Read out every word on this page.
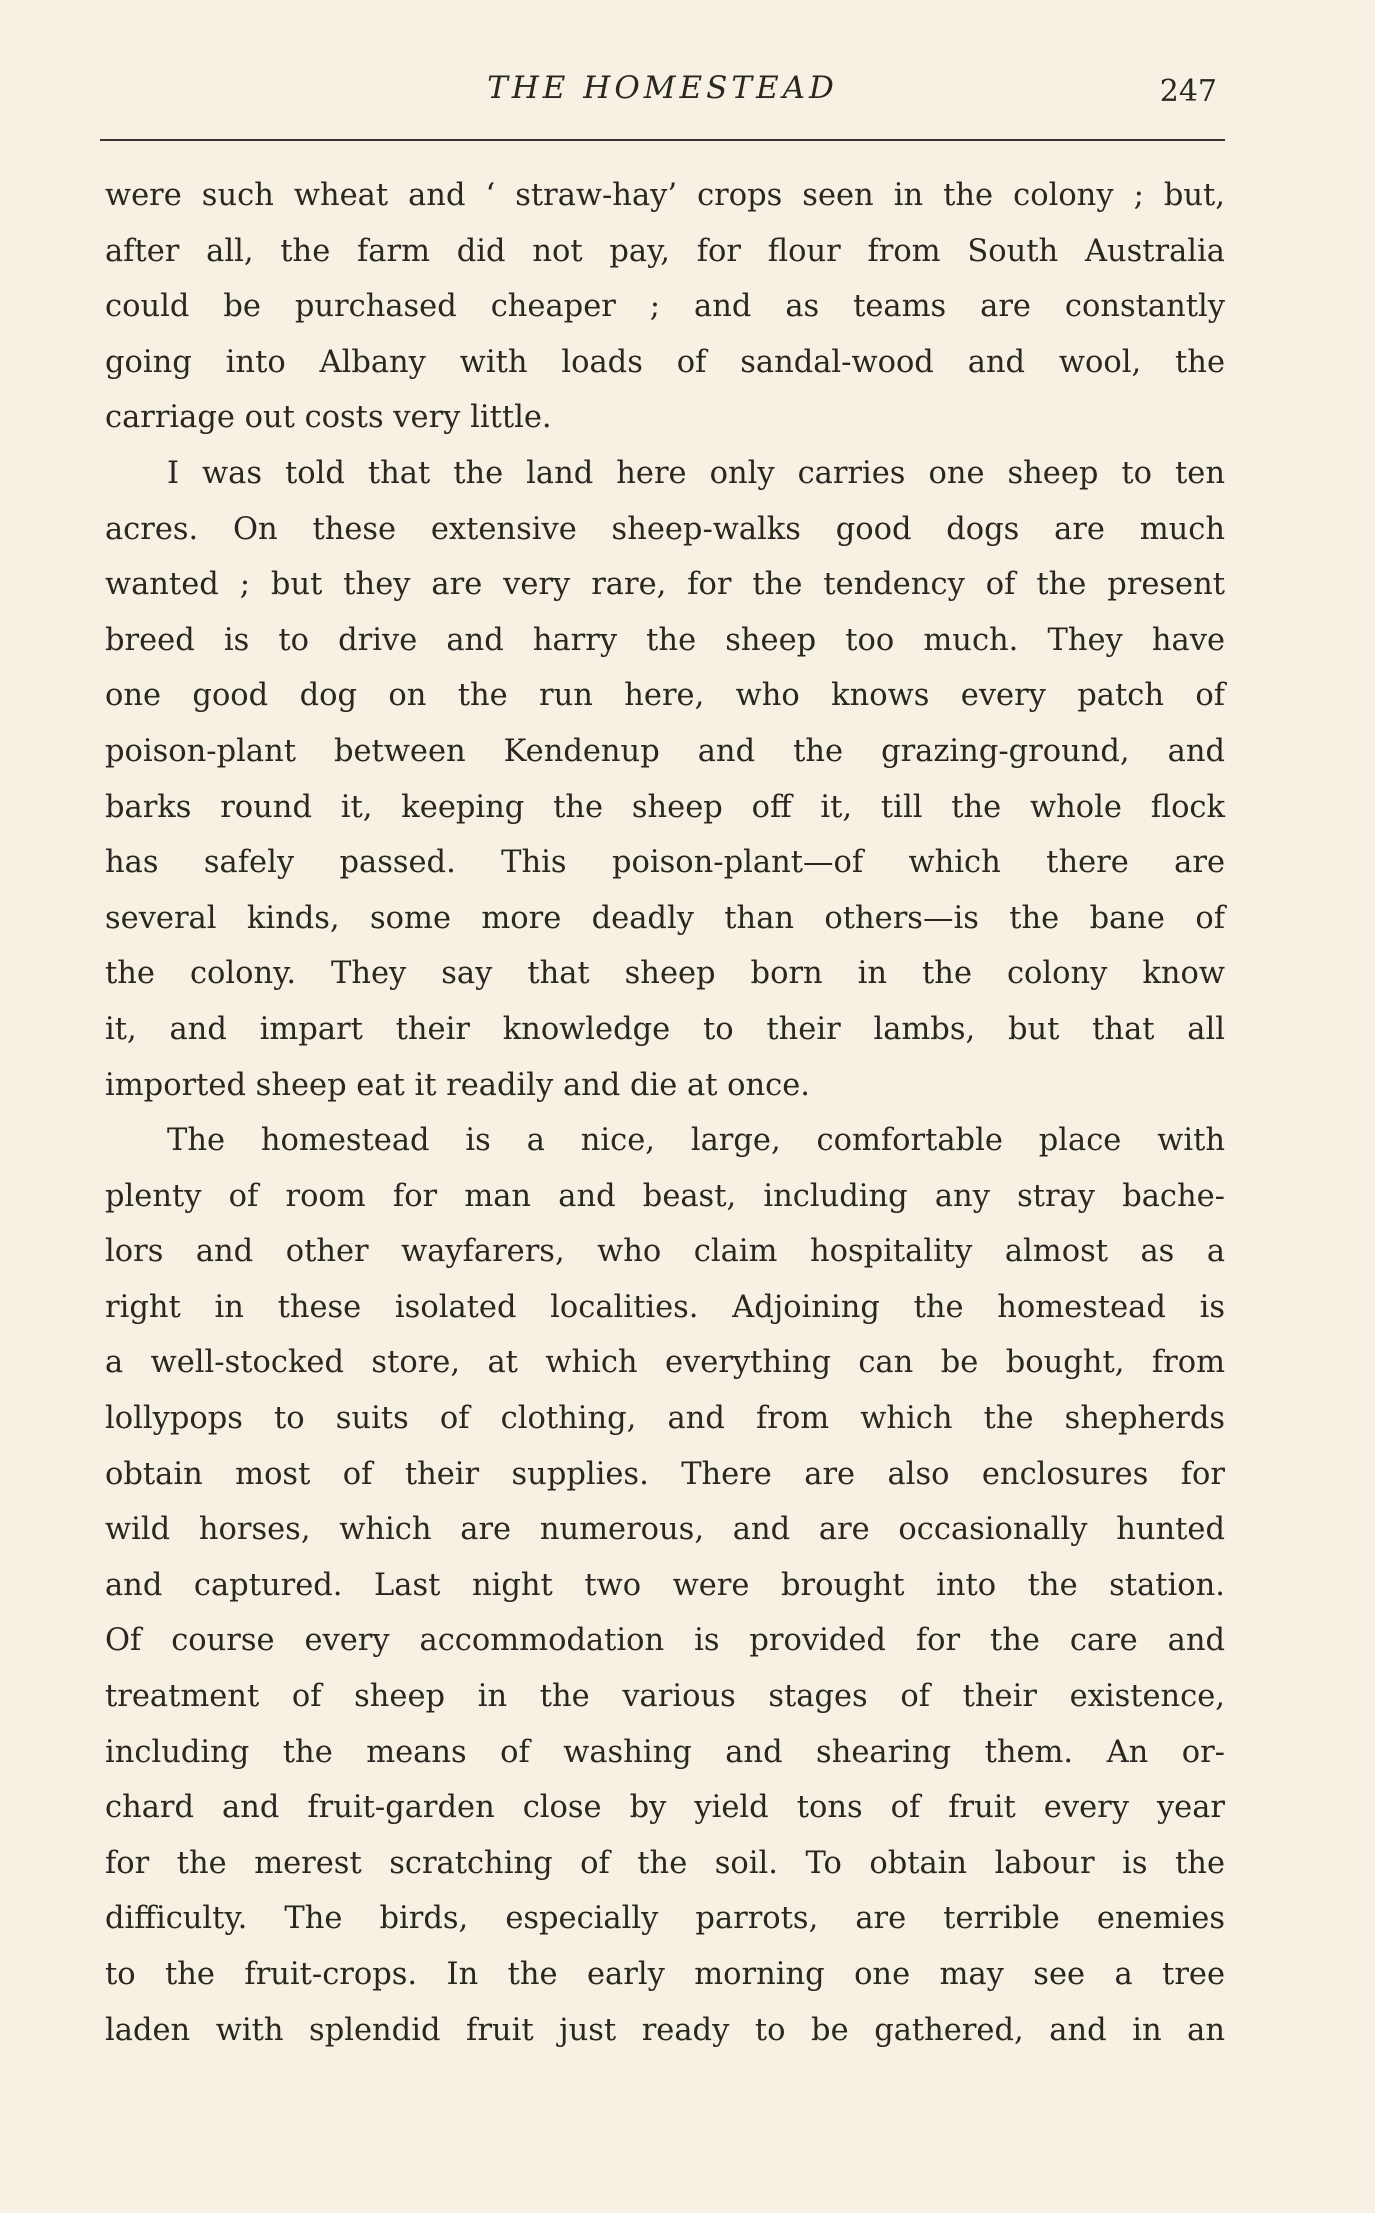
THE HOMESTEAD	247
were such wheat and ‘ straw-hay’ crops seen in the colony ; but,
after all, the farm did not pay, for flour from South Australia
could be purchased cheaper ; and as teams are constantly
going into Albany with loads of sandal-wood and wool, the
carriage out costs very little.
I was told that the land here only carries one sheep to ten
acres. On these extensive sheep-walks good dogs are much
wanted ; but they are very rare, for the tendency of the present
breed is to drive and harry the sheep too much. They have
one good dog on the run here, who knows every patch of
poison-plant between Kendenup and the grazing-ground, and
barks round it, keeping the sheep off it, till the whole flock
has safely passed. This poison-plant—of which there are
several kinds, some more deadly than others—is the bane of
the colony. They say that sheep born in the colony know
it, and impart their knowledge to their lambs, but that all
imported sheep eat it readily and die at once.
The homestead is a nice, large, comfortable place with
plenty of room for man and beast, including any stray bache-
lors and other wayfarers, who claim hospitality almost as a
right in these isolated localities. Adjoining the homestead is
a well-stocked store, at which everything can be bought, from
lollypops to suits of clothing, and from which the shepherds
obtain most of their supplies. There are also enclosures for
wild horses, which are numerous, and are occasionally hunted
and captured. Last night two were brought into the station.
Of course every accommodation is provided for the care and
treatment of sheep in the various stages of their existence,
including the means of washing and shearing them. An or-
chard and fruit-garden close by yield tons of fruit every year
for the merest scratching of the soil. To obtain labour is the
difficulty. The birds, especially parrots, are terrible enemies
to the fruit-crops. In the early morning one may see a tree
laden with splendid fruit just ready to be gathered, and in an
